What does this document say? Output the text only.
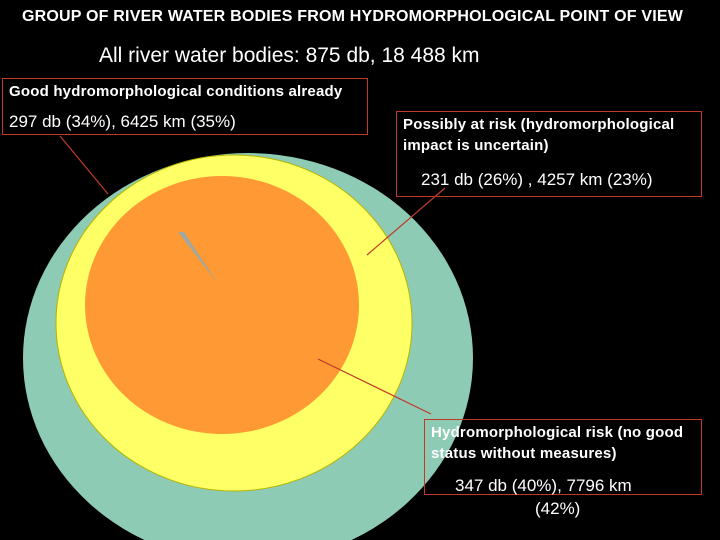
GROUP OF RIVER WATER BODIES FROM HYDROMORPHOLOGICAL POINT OF VIEW
All river water bodies: 875 db, 18 488 km
Good hydromorphological conditions already
297 db (34%), 6425 km (35%)	Possibly at risk (hydromorphological impact is uncertain)
231 db (26%) , 4257 km (23%)
Hydromorphological risk (no good status without measures)
347 db (40%), 7796 km
(42%)
